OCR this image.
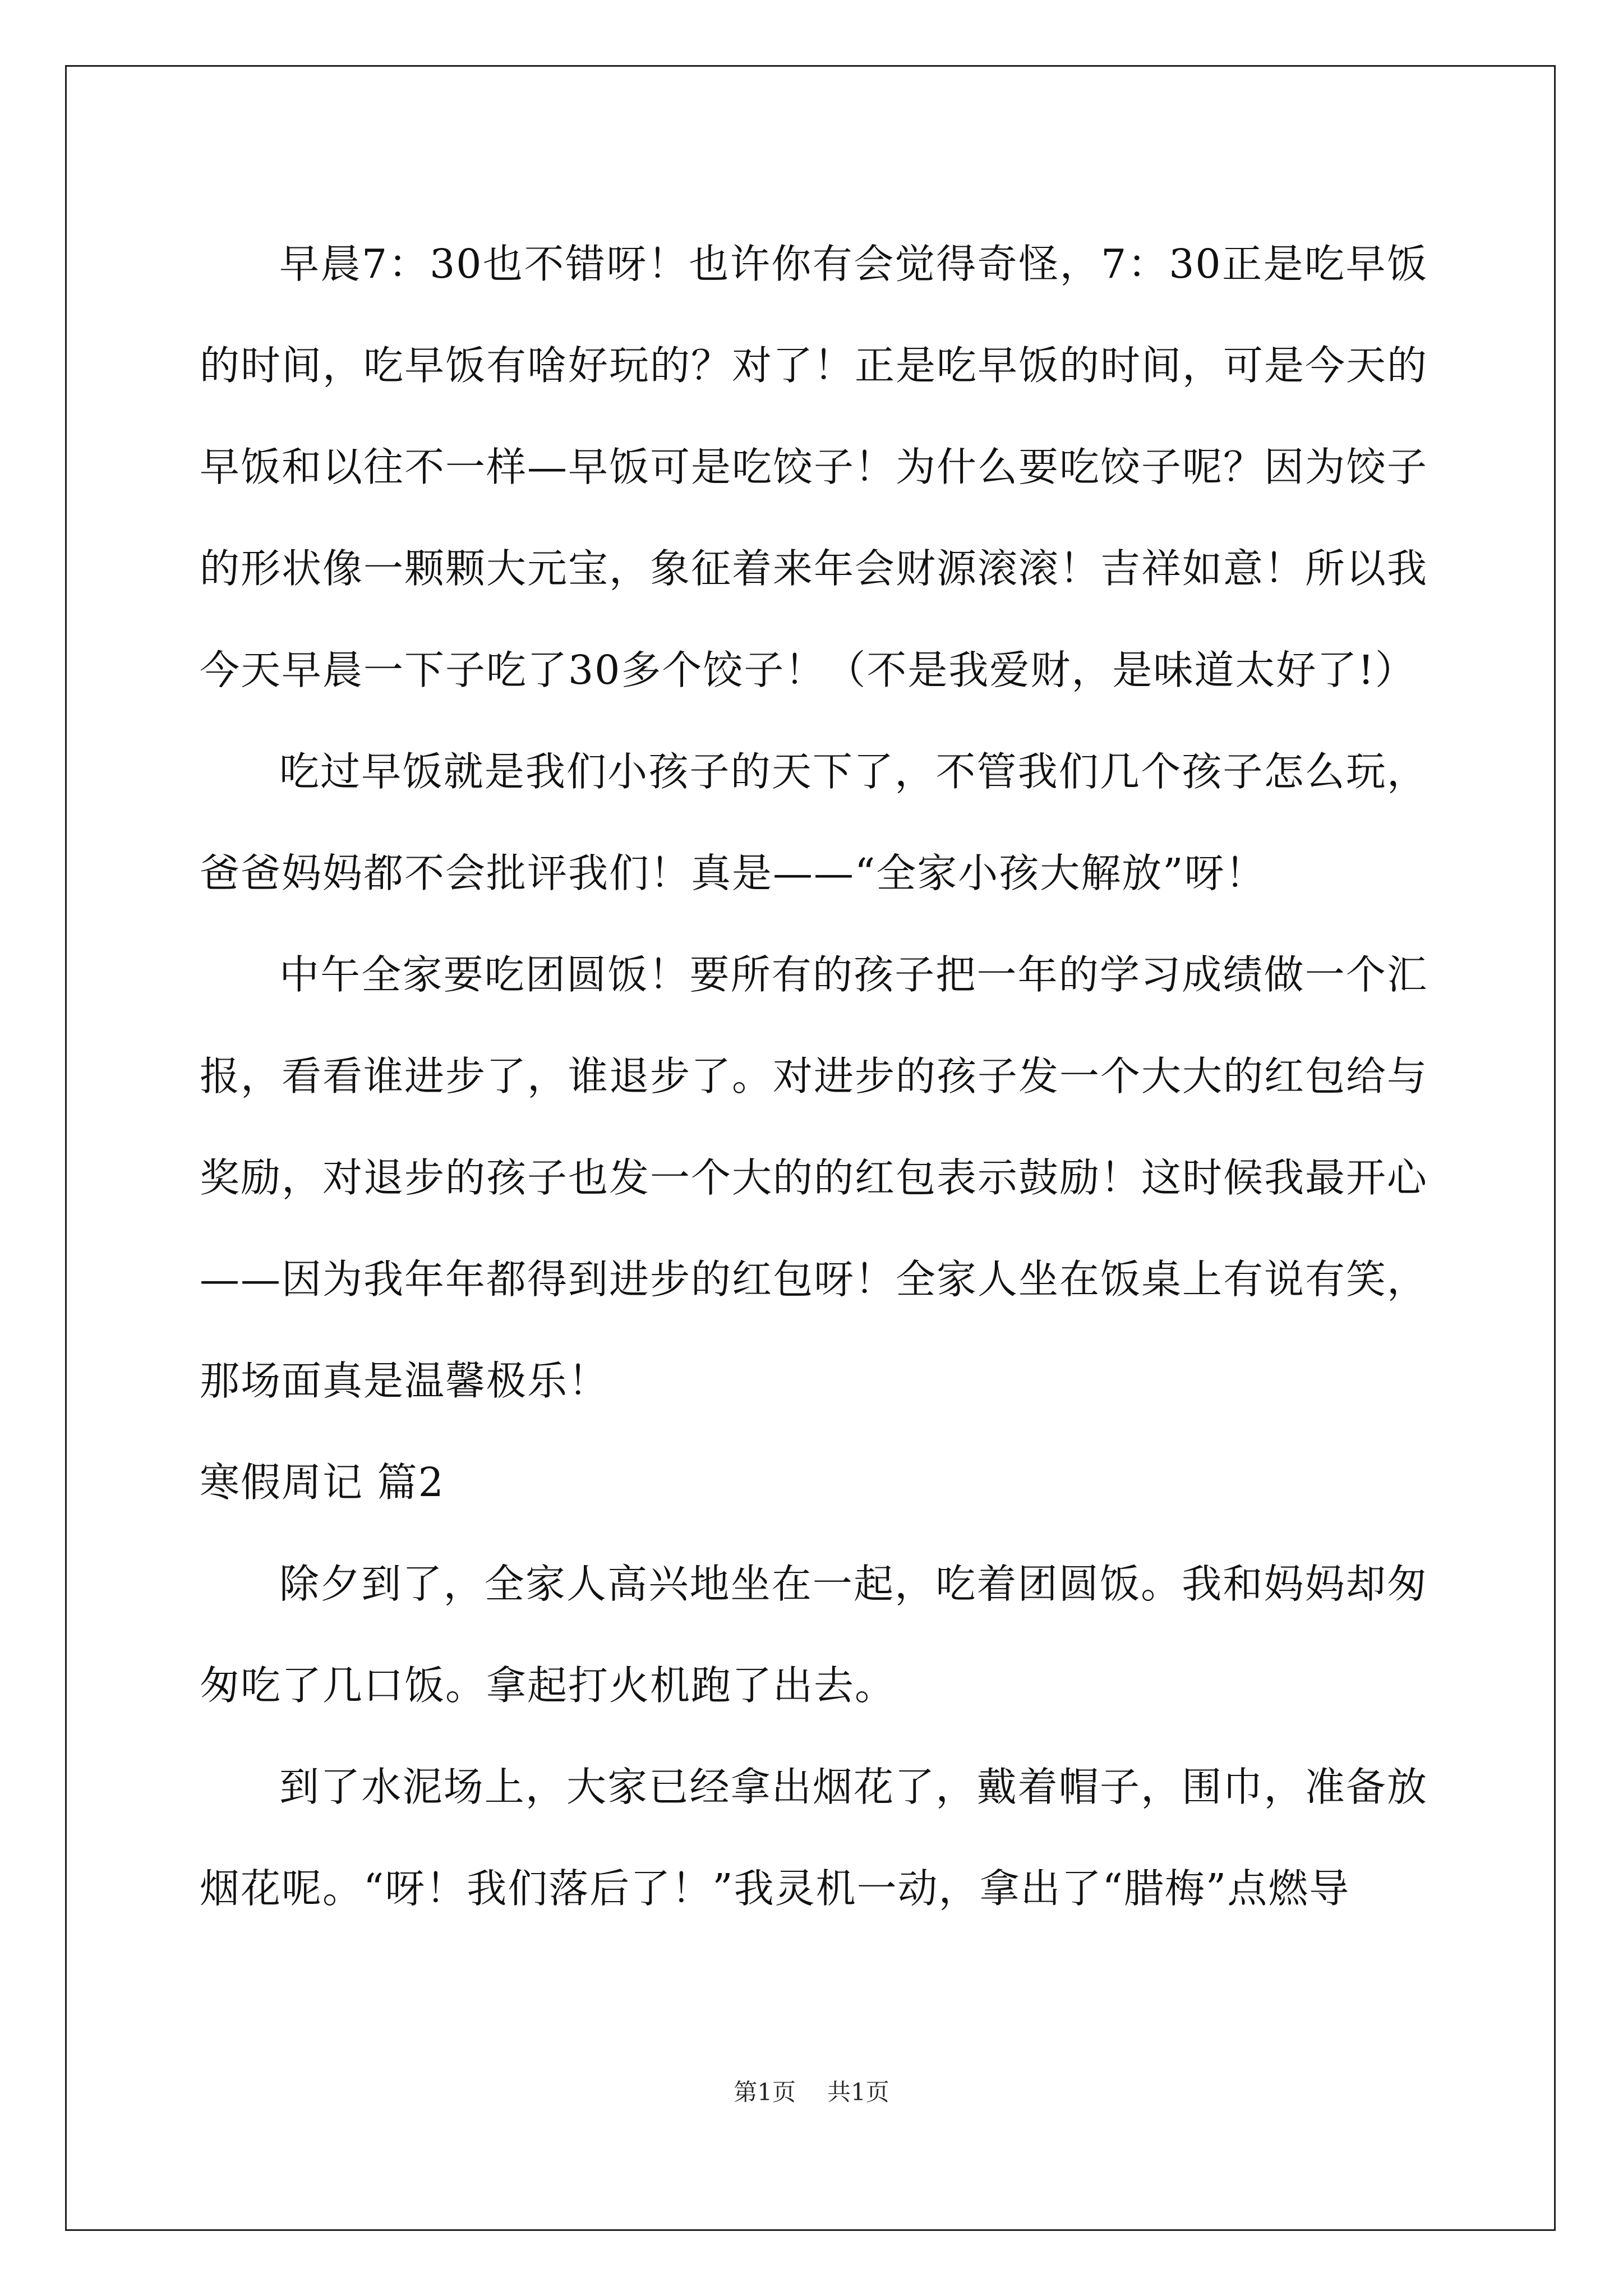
早晨7：30也不错呀！也许你有会觉得奇怪，7：30正是吃早饭的时间，吃早饭有啥好玩的？对了！正是吃早饭的时间，可是今天的早饭和以往不一样—早饭可是吃饺子！为什么要吃饺子呢？因为饺子的形状像一颗颗大元宝，象征着来年会财源滚滚！吉祥如意！所以我今天早晨一下子吃了30多个饺子！（不是我爱财，是味道太好了!）

吃过早饭就是我们小孩子的天下了，不管我们几个孩子怎么玩，爸爸妈妈都不会批评我们！真是——“全家小孩大解放”呀！

中午全家要吃团圆饭！要所有的孩子把一年的学习成绩做一个汇报，看看谁进步了，谁退步了。对进步的孩子发一个大大的红包给与奖励，对退步的孩子也发一个大的的红包表示鼓励！这时候我最开心——因为我年年都得到进步的红包呀！全家人坐在饭桌上有说有笑，那场面真是温馨极乐！

寒假周记 篇2

除夕到了，全家人高兴地坐在一起，吃着团圆饭。我和妈妈却匆匆吃了几口饭。拿起打火机跑了出去。

到了水泥场上，大家已经拿出烟花了，戴着帽子，围巾，准备放烟花呢。“呀！我们落后了！”我灵机一动，拿出了“腊梅”点燃导

第1页 共1页
